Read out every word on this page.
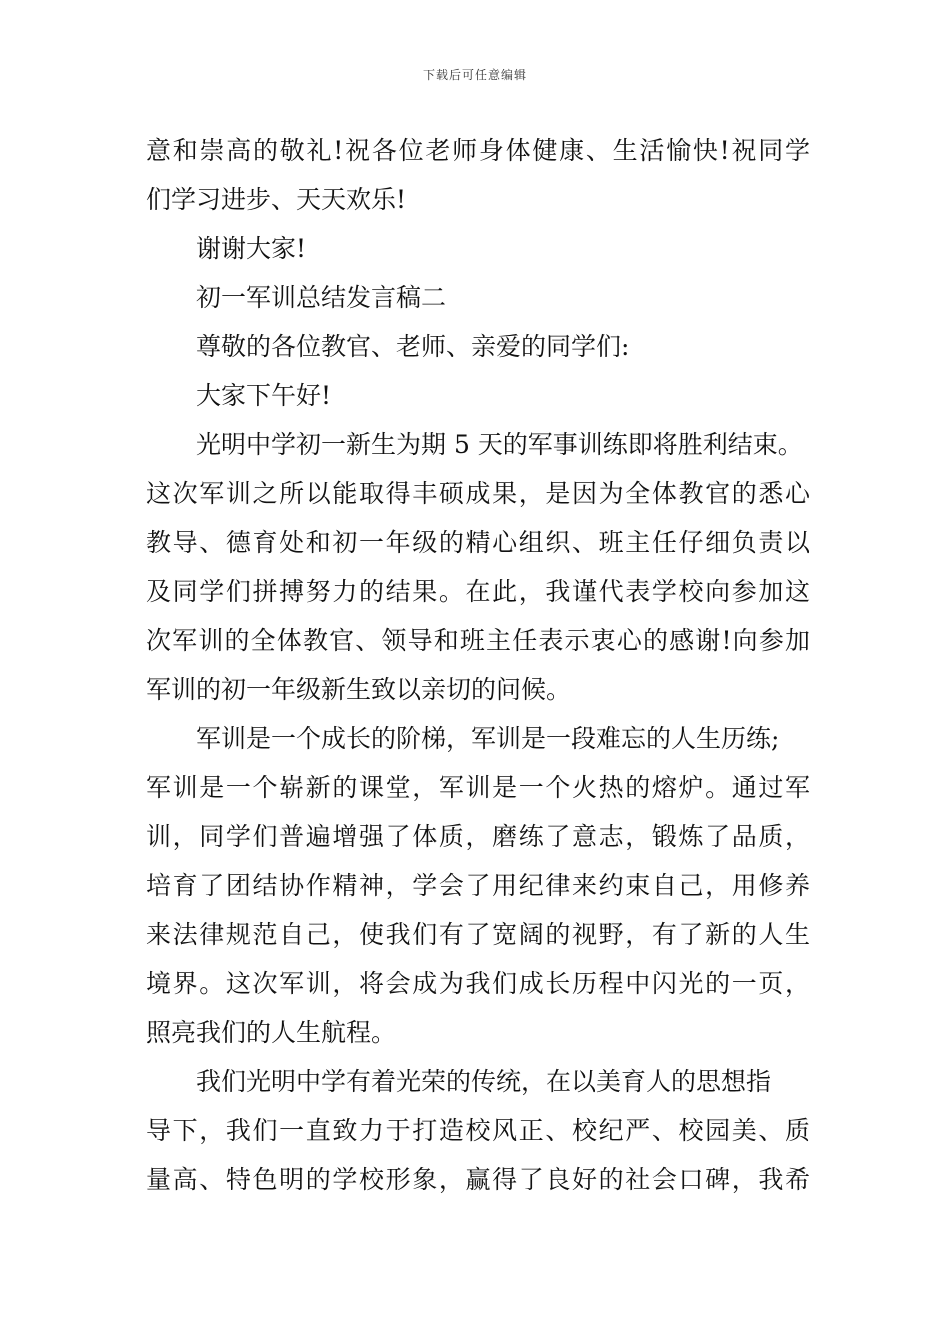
下载后可任意编辑
意和崇高的敬礼!祝各位老师身体健康、生活愉快!祝同学
们学习进步、天天欢乐!
谢谢大家!
初一军训总结发言稿二
尊敬的各位教官、老师、亲爱的同学们:
大家下午好!
光明中学初一新生为期 5 天的军事训练即将胜利结束。
这次军训之所以能取得丰硕成果，是因为全体教官的悉心
教导、德育处和初一年级的精心组织、班主任仔细负责以
及同学们拼搏努力的结果。在此，我谨代表学校向参加这
次军训的全体教官、领导和班主任表示衷心的感谢!向参加
军训的初一年级新生致以亲切的问候。
军训是一个成长的阶梯，军训是一段难忘的人生历练;
军训是一个崭新的课堂，军训是一个火热的熔炉。通过军
训，同学们普遍增强了体质，磨练了意志，锻炼了品质，
培育了团结协作精神，学会了用纪律来约束自己，用修养
来法律规范自己，使我们有了宽阔的视野，有了新的人生
境界。这次军训，将会成为我们成长历程中闪光的一页，
照亮我们的人生航程。
我们光明中学有着光荣的传统，在以美育人的思想指
导下，我们一直致力于打造校风正、校纪严、校园美、质
量高、特色明的学校形象，赢得了良好的社会口碑，我希
